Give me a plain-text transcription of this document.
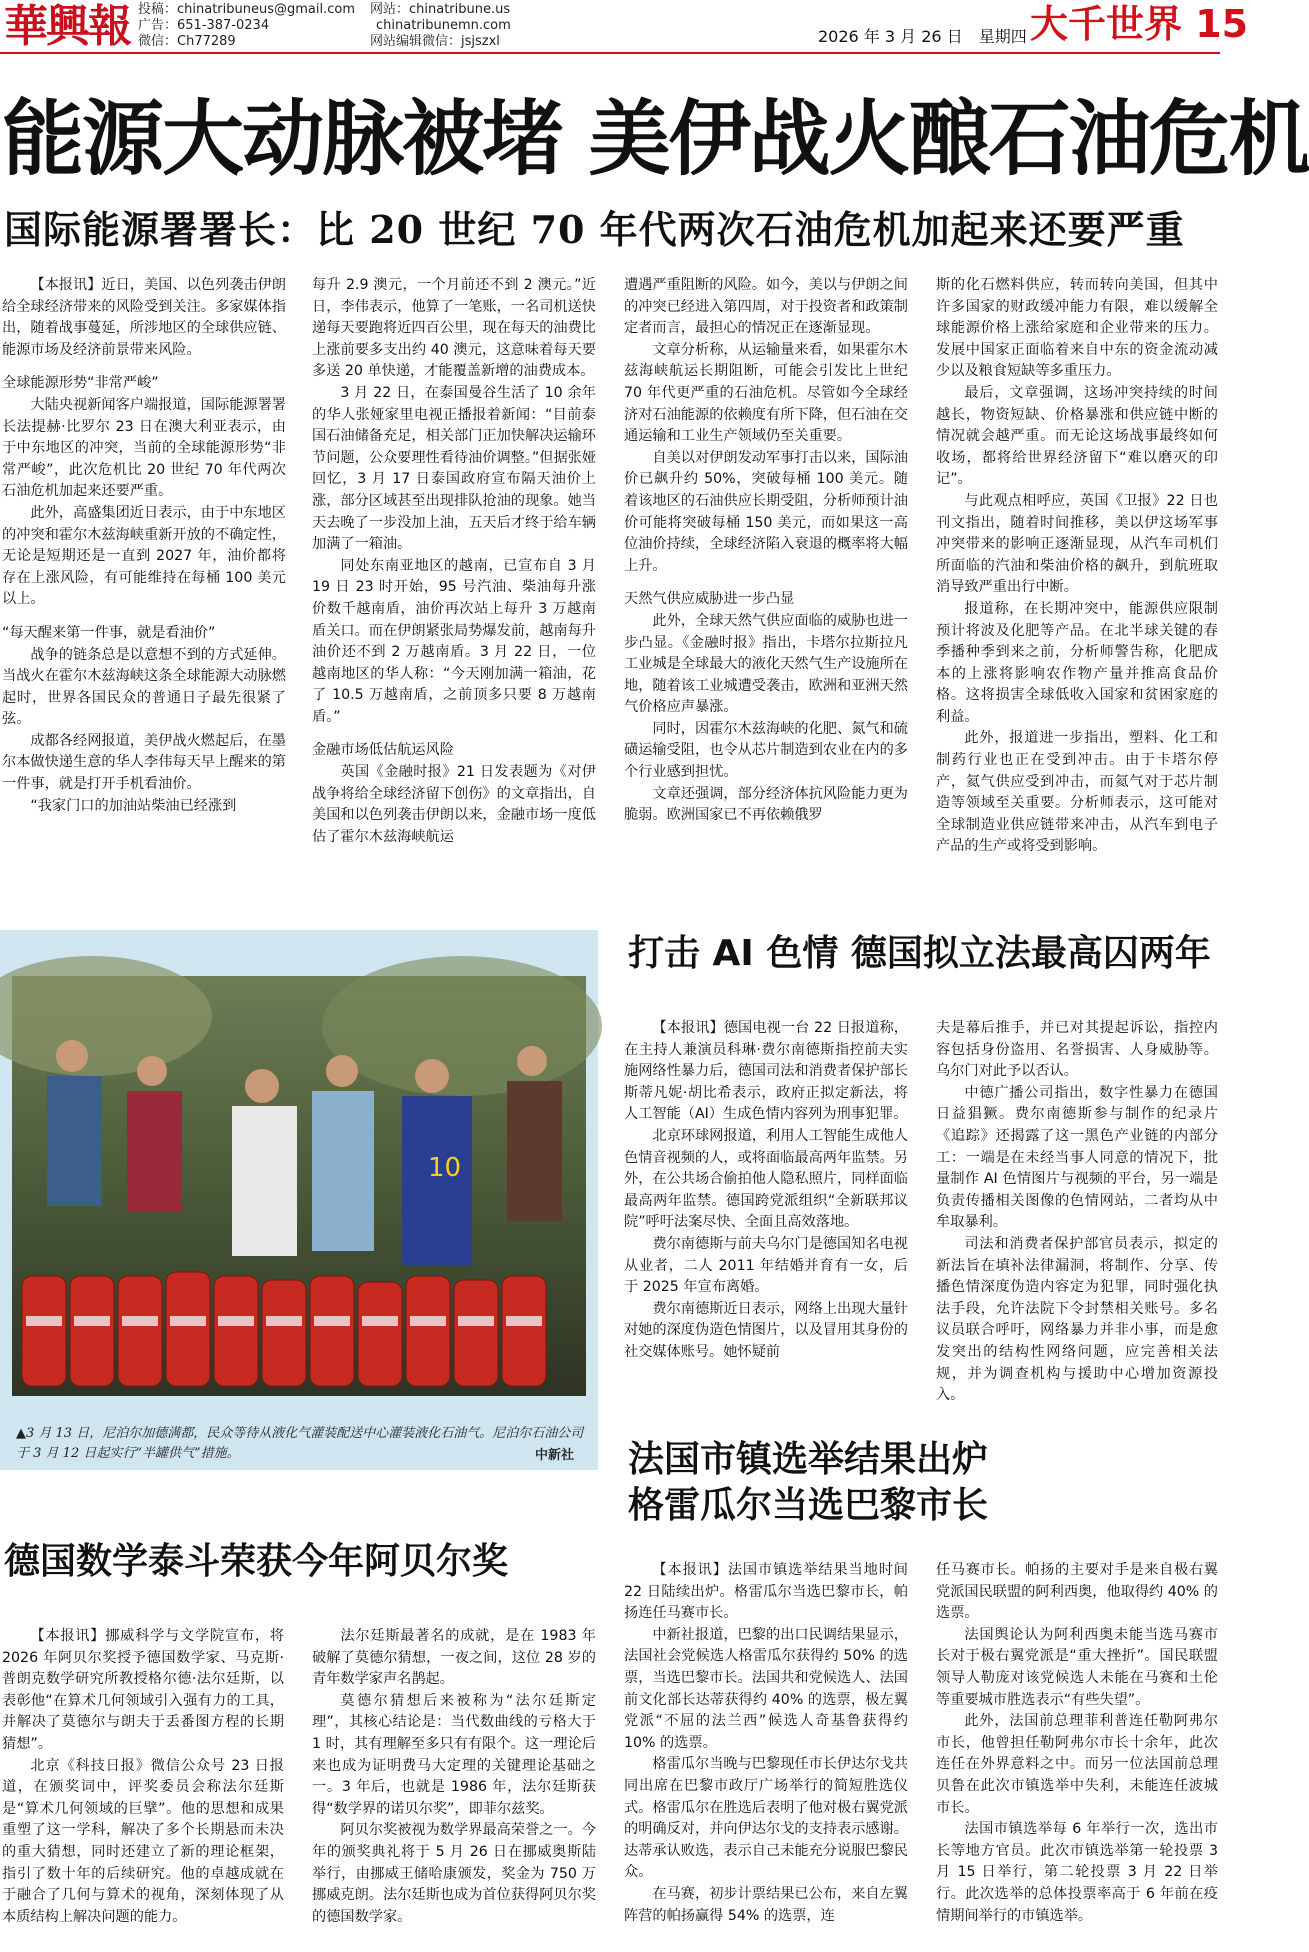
華興報 投稿：chinatribuneus@gmail.com
广告：651-387-0234
微信：Ch77289
网站：chinatribune.us
chinatribunemn.com
网站编辑微信：jsjszxl	2026 年 3 月 26 日　星期四 大千世界 15
能源大动脉被堵 美伊战火酿石油危机
国际能源署署长：比 20 世纪 70 年代两次石油危机加起来还要严重

【本报讯】近日，美国、以色列袭击伊朗给全球经济带来的风险受到关注。多家媒体指出，随着战事蔓延，所涉地区的全球供应链、能源市场及经济前景带来风险。

全球能源形势“非常严峻”

大陆央视新闻客户端报道，国际能源署署长法提赫·比罗尔 23 日在澳大利亚表示，由于中东地区的冲突，当前的全球能源形势“非常严峻”，此次危机比 20 世纪 70 年代两次石油危机加起来还要严重。

此外，高盛集团近日表示，由于中东地区的冲突和霍尔木兹海峡重新开放的不确定性，无论是短期还是一直到 2027 年，油价都将存在上涨风险，有可能维持在每桶 100 美元以上。

“每天醒来第一件事，就是看油价”

战争的链条总是以意想不到的方式延伸。当战火在霍尔木兹海峡这条全球能源大动脉燃起时，世界各国民众的普通日子最先很紧了弦。

成都各经网报道，美伊战火燃起后，在墨尔本做快递生意的华人李伟每天早上醒来的第一件事，就是打开手机看油价。

“我家门口的加油站柴油已经涨到

每升 2.9 澳元，一个月前还不到 2 澳元。”近日，李伟表示，他算了一笔账，一名司机送快递每天要跑将近四百公里，现在每天的油费比上涨前要多支出约 40 澳元，这意味着每天要多送 20 单快递，才能覆盖新增的油费成本。

3 月 22 日，在泰国曼谷生活了 10 余年的华人张娅家里电视正播报着新闻：“目前泰国石油储备充足，相关部门正加快解决运输环节问题，公众要理性看待油价调整。”但据张娅回忆，3 月 17 日泰国政府宣布隔天油价上涨，部分区域甚至出现排队抢油的现象。她当天去晚了一步没加上油，五天后才终于给车辆加满了一箱油。

同处东南亚地区的越南，已宣布自 3 月 19 日 23 时开始，95 号汽油、柴油每升涨价数千越南盾，油价再次站上每升 3 万越南盾关口。而在伊朗紧张局势爆发前，越南每升油价还不到 2 万越南盾。3 月 22 日，一位越南地区的华人称：“今天刚加满一箱油，花了 10.5 万越南盾，之前顶多只要 8 万越南盾。”

金融市场低估航运风险

英国《金融时报》21 日发表题为《对伊战争将给全球经济留下创伤》的文章指出，自美国和以色列袭击伊朗以来，金融市场一度低估了霍尔木兹海峡航运

遭遇严重阻断的风险。如今，美以与伊朗之间的冲突已经进入第四周，对于投资者和政策制定者而言，最担心的情况正在逐渐显现。

文章分析称，从运输量来看，如果霍尔木兹海峡航运长期阻断，可能会引发比上世纪 70 年代更严重的石油危机。尽管如今全球经济对石油能源的依赖度有所下降，但石油在交通运输和工业生产领域仍至关重要。

自美以对伊朗发动军事打击以来，国际油价已飙升约 50%，突破每桶 100 美元。随着该地区的石油供应长期受阻，分析师预计油价可能将突破每桶 150 美元，而如果这一高位油价持续，全球经济陷入衰退的概率将大幅上升。

天然气供应威胁进一步凸显

此外，全球天然气供应面临的威胁也进一步凸显。《金融时报》指出，卡塔尔拉斯拉凡工业城是全球最大的液化天然气生产设施所在地，随着该工业城遭受袭击，欧洲和亚洲天然气价格应声暴涨。

同时，因霍尔木兹海峡的化肥、氮气和硫磺运输受阻，也令从芯片制造到农业在内的多个行业感到担忧。

文章还强调，部分经济体抗风险能力更为脆弱。欧洲国家已不再依赖俄罗

斯的化石燃料供应，转而转向美国，但其中许多国家的财政缓冲能力有限，难以缓解全球能源价格上涨给家庭和企业带来的压力。发展中国家正面临着来自中东的资金流动减少以及粮食短缺等多重压力。

最后，文章强调，这场冲突持续的时间越长，物资短缺、价格暴涨和供应链中断的情况就会越严重。而无论这场战事最终如何收场，都将给世界经济留下“难以磨灭的印记”。

与此观点相呼应，英国《卫报》22 日也刊文指出，随着时间推移，美以伊这场军事冲突带来的影响正逐渐显现，从汽车司机们所面临的汽油和柴油价格的飙升，到航班取消导致严重出行中断。

报道称，在长期冲突中，能源供应限制预计将波及化肥等产品。在北半球关键的春季播种季到来之前，分析师警告称，化肥成本的上涨将影响农作物产量并推高食品价格。这将损害全球低收入国家和贫困家庭的利益。

此外，报道进一步指出，塑料、化工和制药行业也正在受到冲击。由于卡塔尔停产，氦气供应受到冲击，而氦气对于芯片制造等领域至关重要。分析师表示，这可能对全球制造业供应链带来冲击，从汽车到电子产品的生产或将受到影响。

10
▲3 月 13 日，尼泊尔加德满都，民众等待从液化气灌装配送中心灌装液化石油气。尼泊尔石油公司于 3 月 12 日起实行“半罐供气”措施。	中新社
打击 AI 色情 德国拟立法最高囚两年

【本报讯】德国电视一台 22 日报道称，在主持人兼演员科琳·费尔南德斯指控前夫实施网络性暴力后，德国司法和消费者保护部长斯蒂凡妮·胡比希表示，政府正拟定新法，将人工智能（AI）生成色情内容列为刑事犯罪。

北京环球网报道，利用人工智能生成他人色情音视频的人，或将面临最高两年监禁。另外，在公共场合偷拍他人隐私照片，同样面临最高两年监禁。德国跨党派组织“全新联邦议院”呼吁法案尽快、全面且高效落地。

费尔南德斯与前夫乌尔门是德国知名电视从业者，二人 2011 年结婚并育有一女，后于 2025 年宣布离婚。

费尔南德斯近日表示，网络上出现大量针对她的深度伪造色情图片，以及冒用其身份的社交媒体账号。她怀疑前

夫是幕后推手，并已对其提起诉讼，指控内容包括身份盗用、名誉损害、人身威胁等。乌尔门对此予以否认。

中德广播公司指出，数字性暴力在德国日益猖獗。费尔南德斯参与制作的纪录片《追踪》还揭露了这一黑色产业链的内部分工：一端是在未经当事人同意的情况下，批量制作 AI 色情图片与视频的平台，另一端是负责传播相关图像的色情网站，二者均从中牟取暴利。

司法和消费者保护部官员表示，拟定的新法旨在填补法律漏洞，将制作、分享、传播色情深度伪造内容定为犯罪，同时强化执法手段，允许法院下令封禁相关账号。多名议员联合呼吁，网络暴力并非小事，而是愈发突出的结构性网络问题，应完善相关法规，并为调查机构与援助中心增加资源投入。

法国市镇选举结果出炉
格雷瓜尔当选巴黎市长

【本报讯】法国市镇选举结果当地时间 22 日陆续出炉。格雷瓜尔当选巴黎市长，帕扬连任马赛市长。

中新社报道，巴黎的出口民调结果显示，法国社会党候选人格雷瓜尔获得约 50% 的选票，当选巴黎市长。法国共和党候选人、法国前文化部长达蒂获得约 40% 的选票，极左翼党派“不屈的法兰西”候选人奇基鲁获得约 10% 的选票。

格雷瓜尔当晚与巴黎现任市长伊达尔戈共同出席在巴黎市政厅广场举行的简短胜选仪式。格雷瓜尔在胜选后表明了他对极右翼党派的明确反对，并向伊达尔戈的支持表示感谢。达蒂承认败选，表示自己未能充分说服巴黎民众。

在马赛，初步计票结果已公布，来自左翼阵营的帕扬赢得 54% 的选票，连

任马赛市长。帕扬的主要对手是来自极右翼党派国民联盟的阿利西奥，他取得约 40% 的选票。

法国舆论认为阿利西奥未能当选马赛市长对于极右翼党派是“重大挫折”。国民联盟领导人勒庞对该党候选人未能在马赛和土伦等重要城市胜选表示“有些失望”。

此外，法国前总理菲利普连任勒阿弗尔市长，他曾担任勒阿弗尔市长十余年，此次连任在外界意料之中。而另一位法国前总理贝鲁在此次市镇选举中失利，未能连任波城市长。

法国市镇选举每 6 年举行一次，选出市长等地方官员。此次市镇选举第一轮投票 3 月 15 日举行，第二轮投票 3 月 22 日举行。此次选举的总体投票率高于 6 年前在疫情期间举行的市镇选举。

德国数学泰斗荣获今年阿贝尔奖

【本报讯】挪威科学与文学院宣布，将 2026 年阿贝尔奖授予德国数学家、马克斯·普朗克数学研究所教授格尔德·法尔廷斯，以表彰他“在算术几何领域引入强有力的工具，并解决了莫德尔与朗夫于丢番图方程的长期猜想”。

北京《科技日报》微信公众号 23 日报道，在颁奖词中，评奖委员会称法尔廷斯是“算术几何领域的巨擘”。他的思想和成果重塑了这一学科，解决了多个长期悬而未决的重大猜想，同时还建立了新的理论框架，指引了数十年的后续研究。他的卓越成就在于融合了几何与算术的视角，深刻体现了从本质结构上解决问题的能力。

法尔廷斯最著名的成就，是在 1983 年破解了莫德尔猜想，一夜之间，这位 28 岁的青年数学家声名鹊起。

莫德尔猜想后来被称为“法尔廷斯定理”，其核心结论是：当代数曲线的亏格大于 1 时，其有理解至多只有有限个。这一理论后来也成为证明费马大定理的关键理论基础之一。3 年后，也就是 1986 年，法尔廷斯获得“数学界的诺贝尔奖”，即菲尔兹奖。

阿贝尔奖被视为数学界最高荣誉之一。今年的颁奖典礼将于 5 月 26 日在挪威奥斯陆举行，由挪威王储哈康颁发，奖金为 750 万挪威克朗。法尔廷斯也成为首位获得阿贝尔奖的德国数学家。
